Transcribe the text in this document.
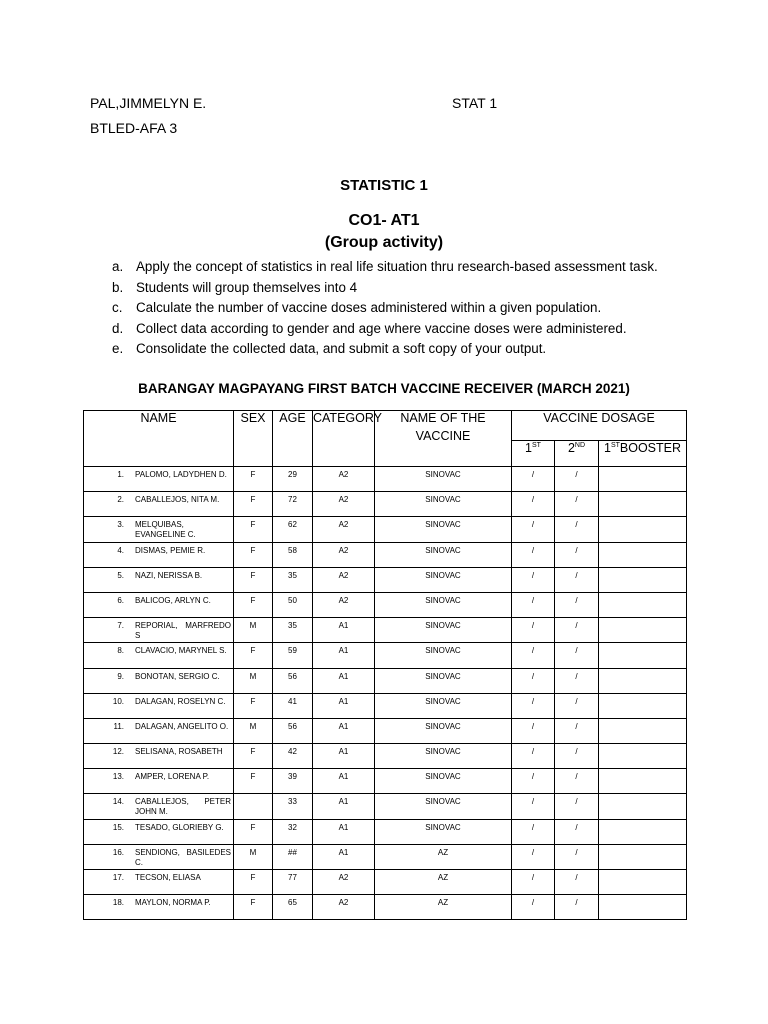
PAL,JIMMELYN E.
BTLED-AFA 3
STAT 1
STATISTIC 1
CO1- AT1
(Group activity)
a. Apply the concept of statistics in real life situation thru research-based assessment task.
b. Students will group themselves into 4
c. Calculate the number of vaccine doses administered within a given population.
d. Collect data according to gender and age where vaccine doses were administered.
e. Consolidate the collected data, and submit a soft copy of your output.
BARANGAY MAGPAYANG FIRST BATCH VACCINE RECEIVER (MARCH 2021)
NAME	SEX	AGE	CATEGORY	NAME OF THE
VACCINE	VACCINE DOSAGE		
					1ST	2ND	1STBOOSTER

1. PALOMO, LADYDHEN D.	F	29	A2	SINOVAC	/	/	

2. CABALLEJOS, NITA M.	F	72	A2	SINOVAC	/	/	

3. MELQUIBAS, EVANGELINE C.	F	62	A2	SINOVAC	/	/	

4. DISMAS, PEMIE R.	F	58	A2	SINOVAC	/	/	

5. NAZI, NERISSA B.	F	35	A2	SINOVAC	/	/	

6. BALICOG, ARLYN C.	F	50	A2	SINOVAC	/	/	

7. REPORIAL, MARFREDO S	M	35	A1	SINOVAC	/	/	

8. CLAVACIO, MARYNEL S.	F	59	A1	SINOVAC	/	/	

9. BONOTAN, SERGIO C.	M	56	A1	SINOVAC	/	/	

10. DALAGAN, ROSELYN C.	F	41	A1	SINOVAC	/	/	

11. DALAGAN, ANGELITO O.	M	56	A1	SINOVAC	/	/	

12. SELISANA, ROSABETH	F	42	A1	SINOVAC	/	/	

13. AMPER, LORENA P.	F	39	A1	SINOVAC	/	/	

14. CABALLEJOS, PETER JOHN M.		33	A1	SINOVAC	/	/	

15. TESADO, GLORIEBY G.	F	32	A1	SINOVAC	/	/	

16. SENDIONG, BASILEDES C.	M	##	A1	AZ	/	/	

17. TECSON, ELIASA	F	77	A2	AZ	/	/	

18. MAYLON, NORMA P.	F	65	A2	AZ	/	/	
